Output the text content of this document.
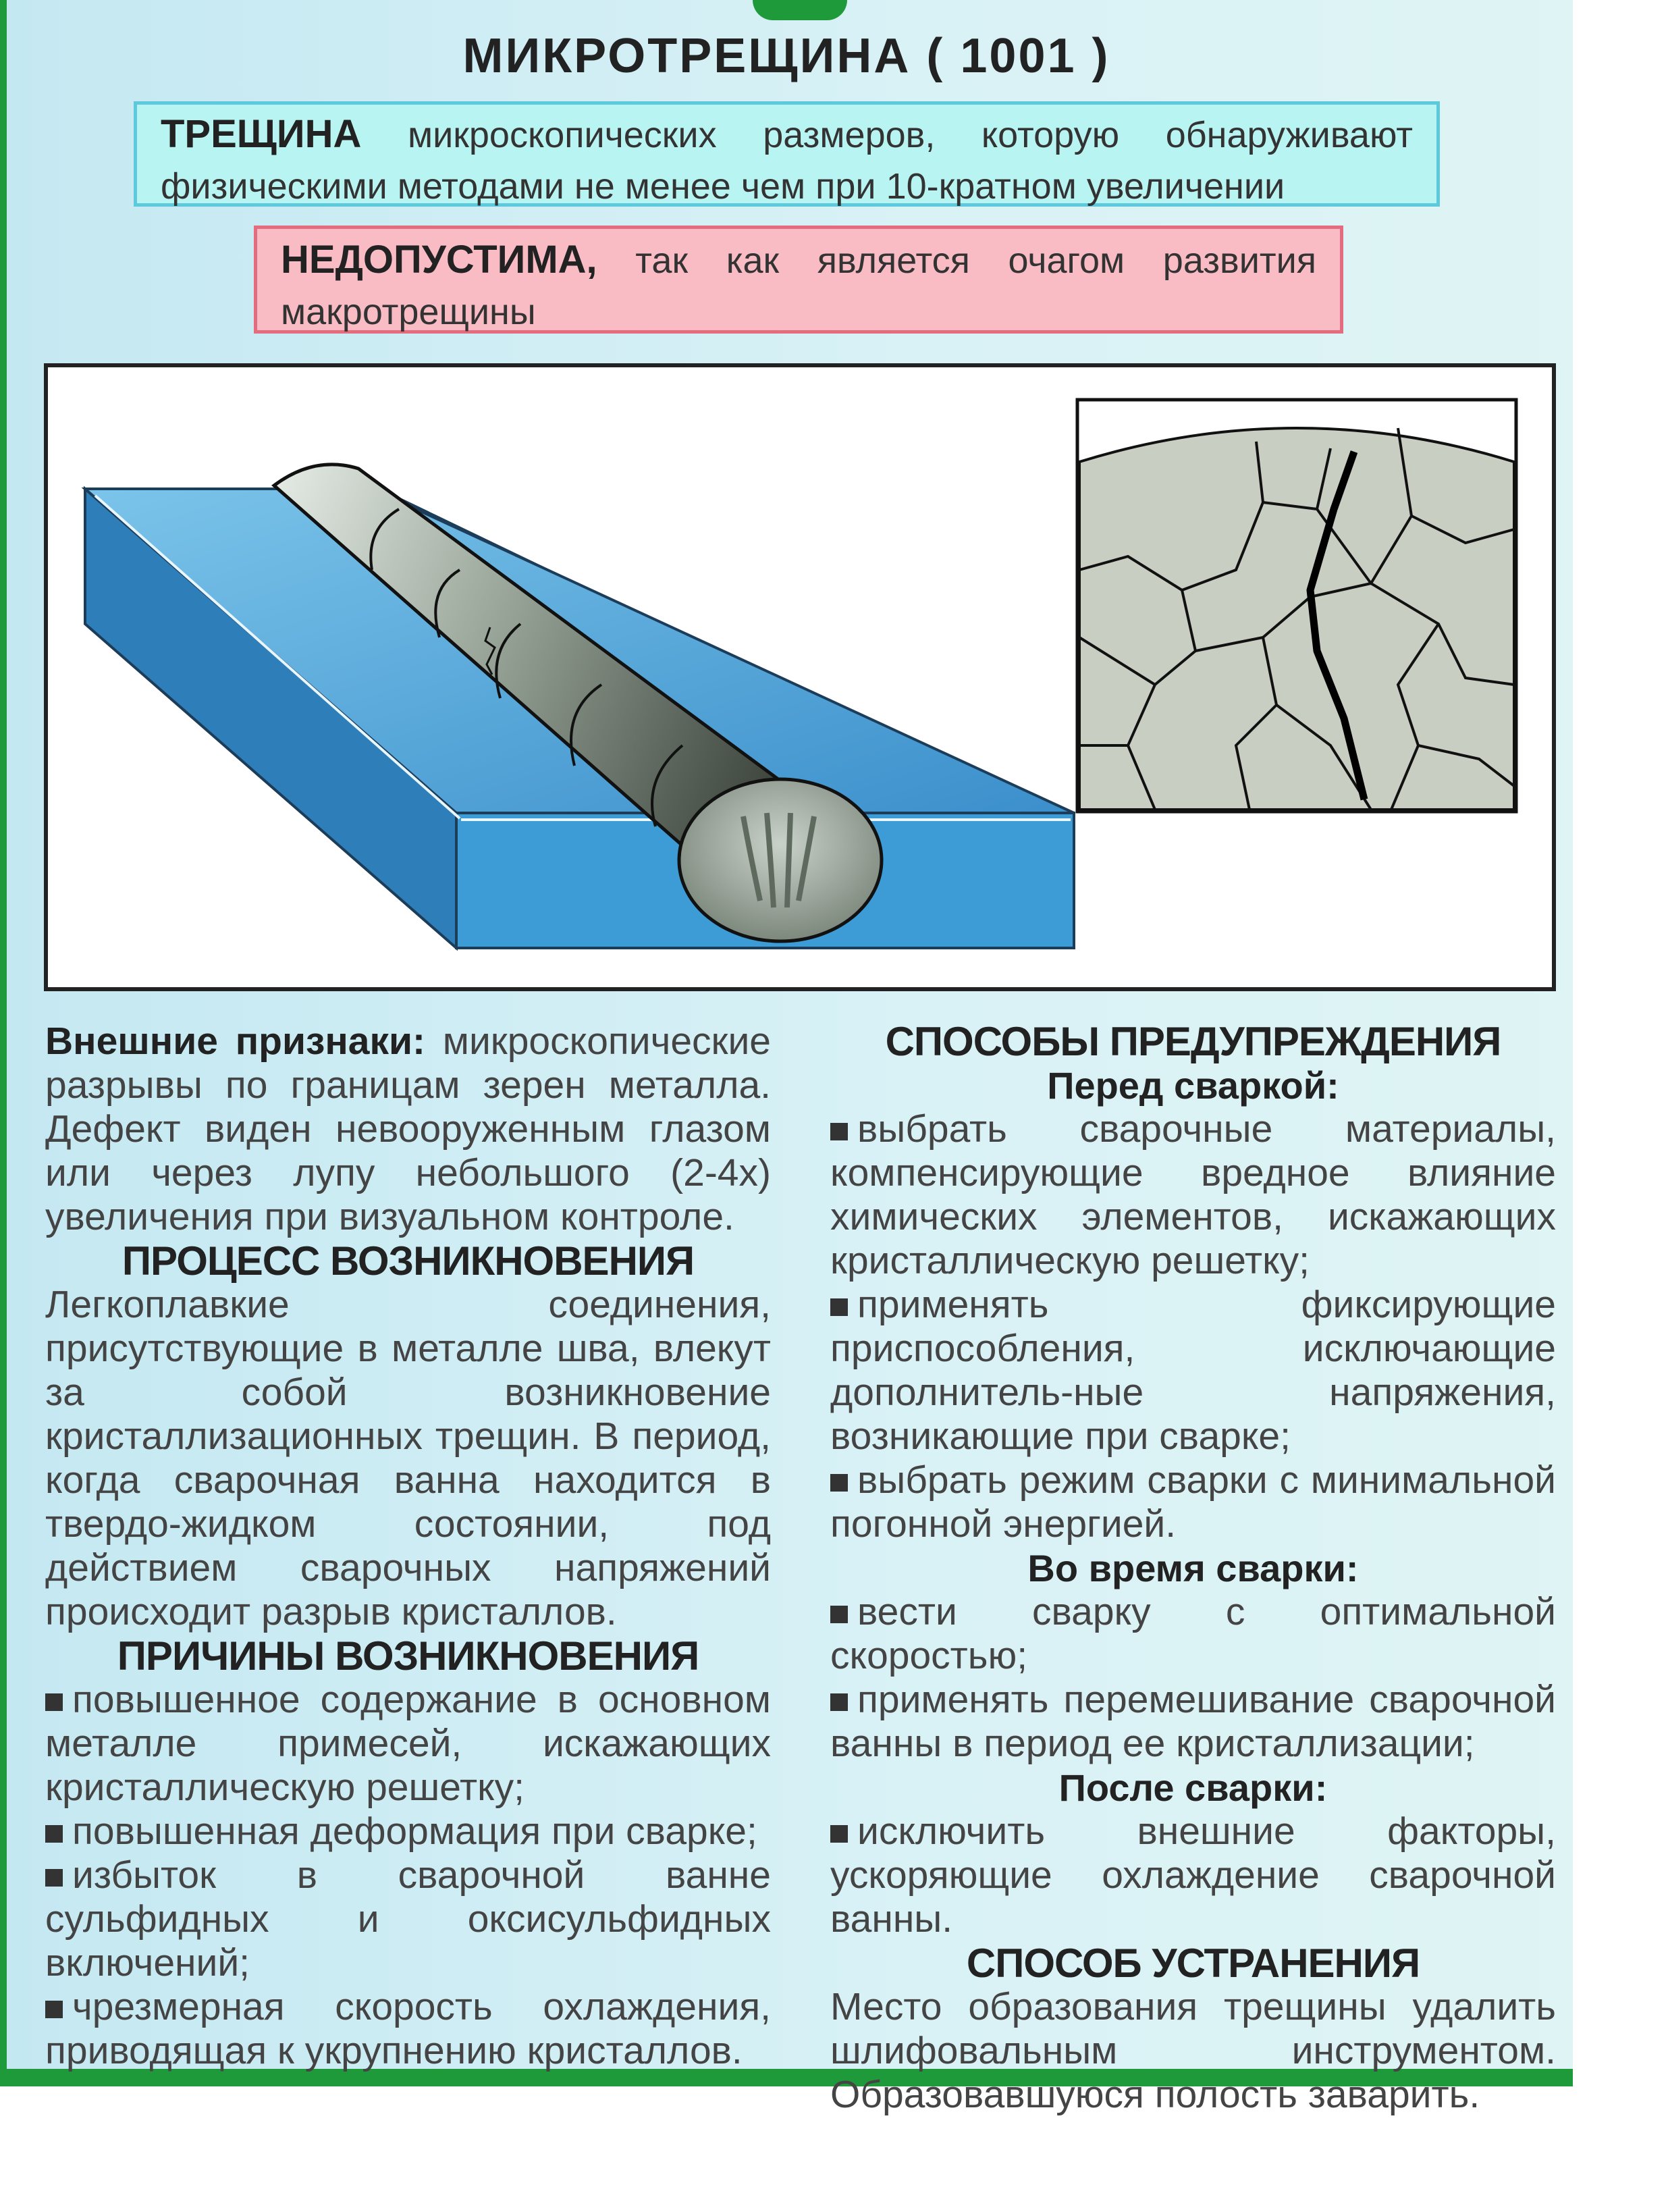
МИКРОТРЕЩИНА ( 1001 )
ТРЕЩИНА микроскопических размеров, которую обнаруживают
физическими методами не менее чем при 10-кратном увеличении
НЕДОПУСТИМА, так как является очагом развития
макротрещины

Внешние признаки: микроскопические разрывы по границам зерен металла. Дефект виден невооруженным глазом или через лупу небольшого (2-4х) увеличения при визуальном контроле.

ПРОЦЕСС ВОЗНИКНОВЕНИЯ

Легкоплавкие соединения, присутствующие в металле шва, влекут за собой возникновение кристаллизационных трещин. В период, когда сварочная ванна находится в твердо-жидком состоянии, под действием сварочных напряжений происходит разрыв кристаллов.

ПРИЧИНЫ ВОЗНИКНОВЕНИЯ

повышенное содержание в основном металле примесей, искажающих кристаллическую решетку;

повышенная деформация при сварке;

избыток в сварочной ванне сульфидных и оксисульфидных включений;

чрезмерная скорость охлаждения, приводящая к укрупнению кристаллов.

СПОСОБЫ ПРЕДУПРЕЖДЕНИЯ

Перед сваркой:

выбрать сварочные материалы, компенсирующие вредное влияние химических элементов, искажающих кристаллическую решетку;

применять фиксирующие приспособления, исключающие дополнитель-ные напряжения, возникающие при сварке;

выбрать режим сварки с минимальной погонной энергией.

Во время сварки:

вести сварку с оптимальной скоростью;

применять перемешивание сварочной ванны в период ее кристаллизации;

После сварки:

исключить внешние факторы, ускоряющие охлаждение сварочной ванны.

СПОСОБ УСТРАНЕНИЯ

Место образования трещины удалить шлифовальным инструментом. Образовавшуюся полость заварить.
